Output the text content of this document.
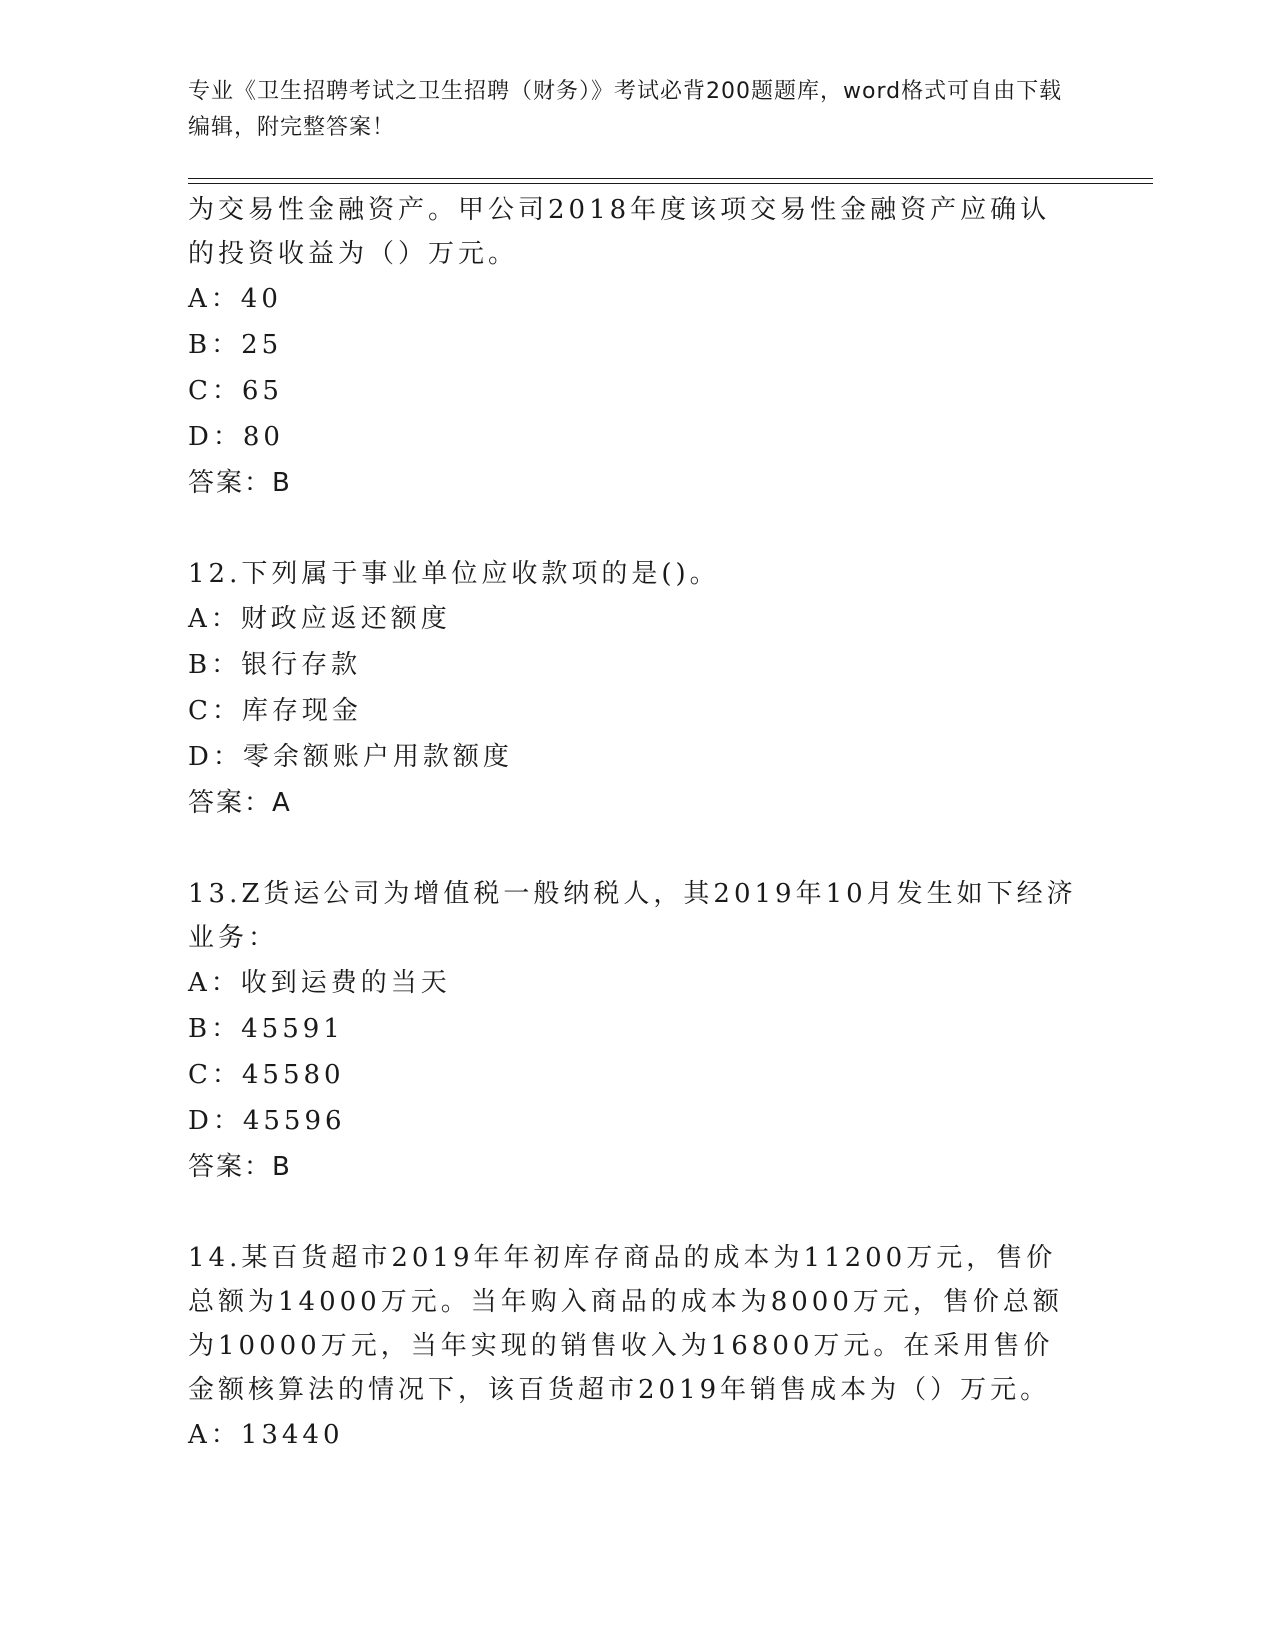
专业《卫生招聘考试之卫生招聘（财务）》考试必背200题题库，word格式可自由下载编辑，附完整答案！

为交易性金融资产。甲公司2018年度该项交易性金融资产应确认的投资收益为（）万元。

A：40

B：25

C：65

D：80

答案：B

12.下列属于事业单位应收款项的是()。

A：财政应返还额度

B：银行存款

C：库存现金

D：零余额账户用款额度

答案：A

13.Z货运公司为增值税一般纳税人，其2019年10月发生如下经济业务：

A：收到运费的当天

B：45591

C：45580

D：45596

答案：B

14.某百货超市2019年年初库存商品的成本为11200万元，售价总额为14000万元。当年购入商品的成本为8000万元，售价总额为10000万元，当年实现的销售收入为16800万元。在采用售价金额核算法的情况下，该百货超市2019年销售成本为（）万元。

A：13440
